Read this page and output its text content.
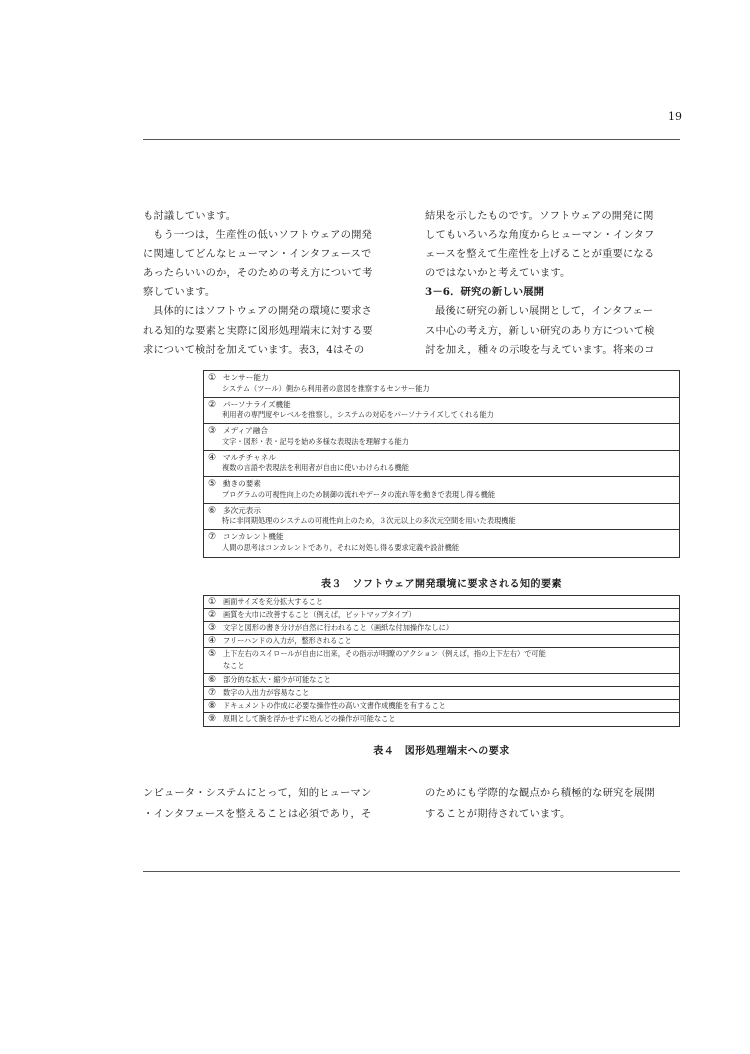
19

も討議しています。

もう一つは，生産性の低いソフトウェアの開発

に関連してどんなヒューマン・インタフェースで

あったらいいのか，そのための考え方について考

察しています。

具体的にはソフトウェアの開発の環境に要求さ

れる知的な要素と実際に図形処理端末に対する要

求について検討を加えています。表3，4はその

結果を示したものです。ソフトウェアの開発に関

してもいろいろな角度からヒューマン・インタフ

ェースを整えて生産性を上げることが重要になる

のではないかと考えています。

3－6．研究の新しい展開

最後に研究の新しい展開として，インタフェー

ス中心の考え方，新しい研究のあり方について検

討を加え，種々の示唆を与えています。将来のコ

① センサー能力
システム（ツール）側から利用者の意図を推察するセンサー能力
② パーソナライズ機能
利用者の専門度やレベルを推察し，システムの対応をパーソナライズしてくれる能力
③ メディア融合
文字・図形・表・記号を始め多様な表現法を理解する能力
④ マルチチャネル
複数の言語や表現法を利用者が自由に使いわけられる機能
⑤ 動きの要素
プログラムの可視性向上のため制御の流れやデータの流れ等を動きで表現し得る機能
⑥ 多次元表示
特に非同期処理のシステムの可視性向上のため，３次元以上の多次元空間を用いた表現機能
⑦ コンカレント機能
人間の思考はコンカレントであり，それに対処し得る要求定義や設計機能
表３　ソフトウェア開発環境に要求される知的要素
① 画面サイズを充分拡大すること
② 画質を大巾に改善すること（例えば，ビットマップタイプ）
③ 文字と図形の書き分けが自然に行われること（画紙な付加操作なしに）
④ フリーハンドの入力が，整形されること
⑤ 上下左右のスイロールが自由に出来，その指示が明瞭のアクション（例えば，指の上下左右）で可能
なこと
⑥ 部分的な拡大・縮少が可能なこと
⑦ 数字の入出力が容易なこと
⑧ ドキュメントの作成に必要な操作性の高い文書作成機能を有すること
⑨ 原則として腕を浮かせずに殆んどの操作が可能なこと
表４　図形処理端末への要求
ンピュータ・システムにとって，知的ヒューマン
・インタフェースを整えることは必須であり，そ
のためにも学際的な観点から積極的な研究を展開
することが期待されています。
